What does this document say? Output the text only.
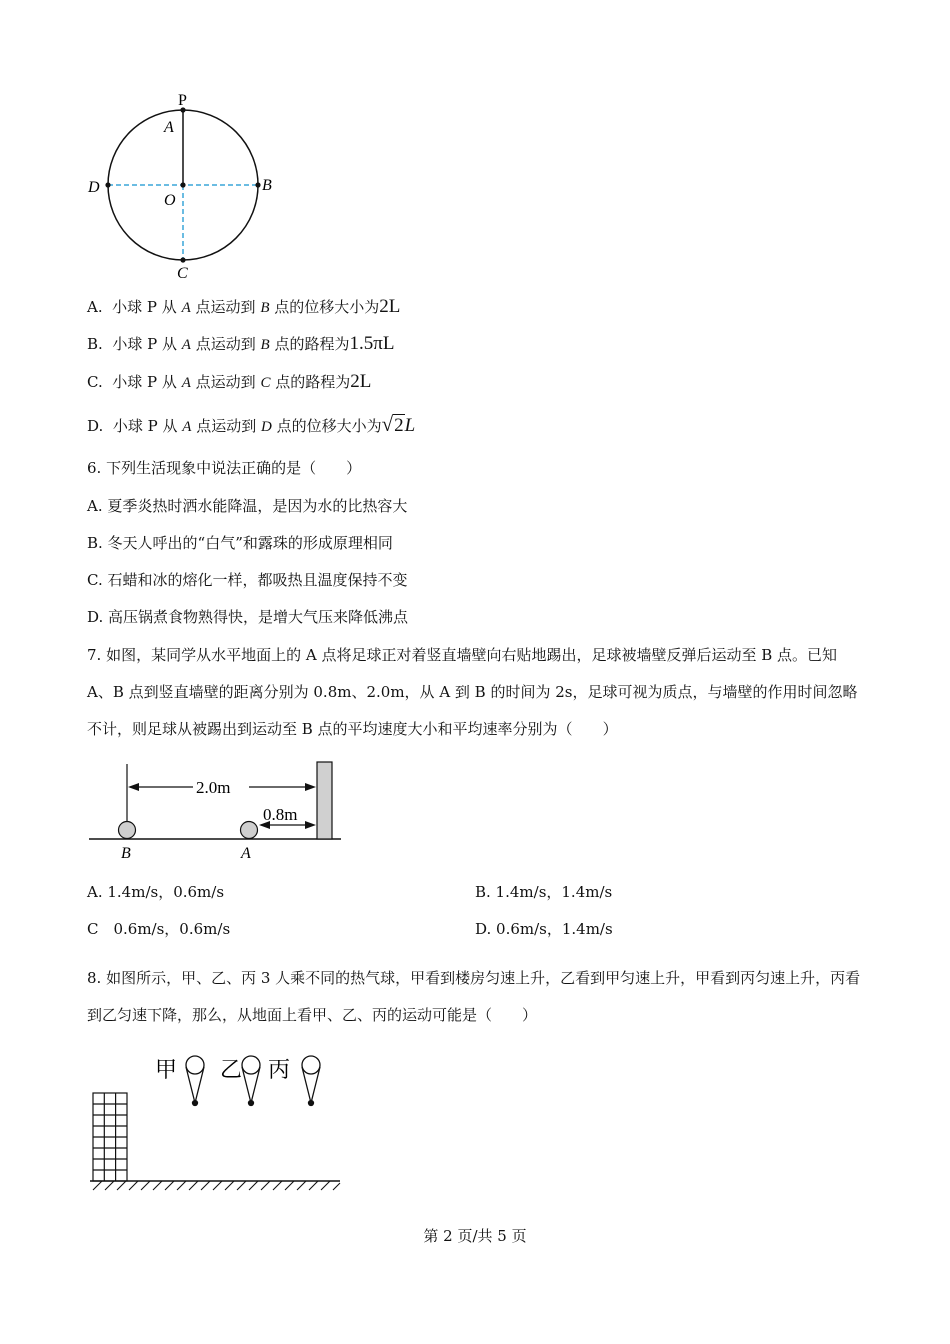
P
A
B
D
O
C
A. 小球 P 从 A 点运动到 B 点的位移大小为2L
B. 小球 P 从 A 点运动到 B 点的路程为1.5πL
C. 小球 P 从 A 点运动到 C 点的路程为2L
D. 小球 P 从 A 点运动到 D 点的位移大小为√2L
6. 下列生活现象中说法正确的是（　　）
A. 夏季炎热时洒水能降温，是因为水的比热容大
B. 冬天人呼出的“白气”和露珠的形成原理相同
C. 石蜡和冰的熔化一样，都吸热且温度保持不变
D. 高压锅煮食物熟得快，是增大气压来降低沸点
7. 如图，某同学从水平地面上的 A 点将足球正对着竖直墙壁向右贴地踢出，足球被墙壁反弹后运动至 B 点。已知 A、B 点到竖直墙壁的距离分别为 0.8m、2.0m，从 A 到 B 的时间为 2s，足球可视为质点，与墙壁的作用时间忽略不计，则足球从被踢出到运动至 B 点的平均速度大小和平均速率分别为（　　）
2.0m
0.8m
B	A
A. 1.4m/s，0.6m/s	B. 1.4m/s，1.4m/s
C　0.6m/s，0.6m/s	D. 0.6m/s，1.4m/s
8. 如图所示，甲、乙、丙 3 人乘不同的热气球，甲看到楼房匀速上升，乙看到甲匀速上升，甲看到丙匀速上升，丙看到乙匀速下降，那么，从地面上看甲、乙、丙的运动可能是（　　）
甲 乙 丙
第 2 页/共 5 页
